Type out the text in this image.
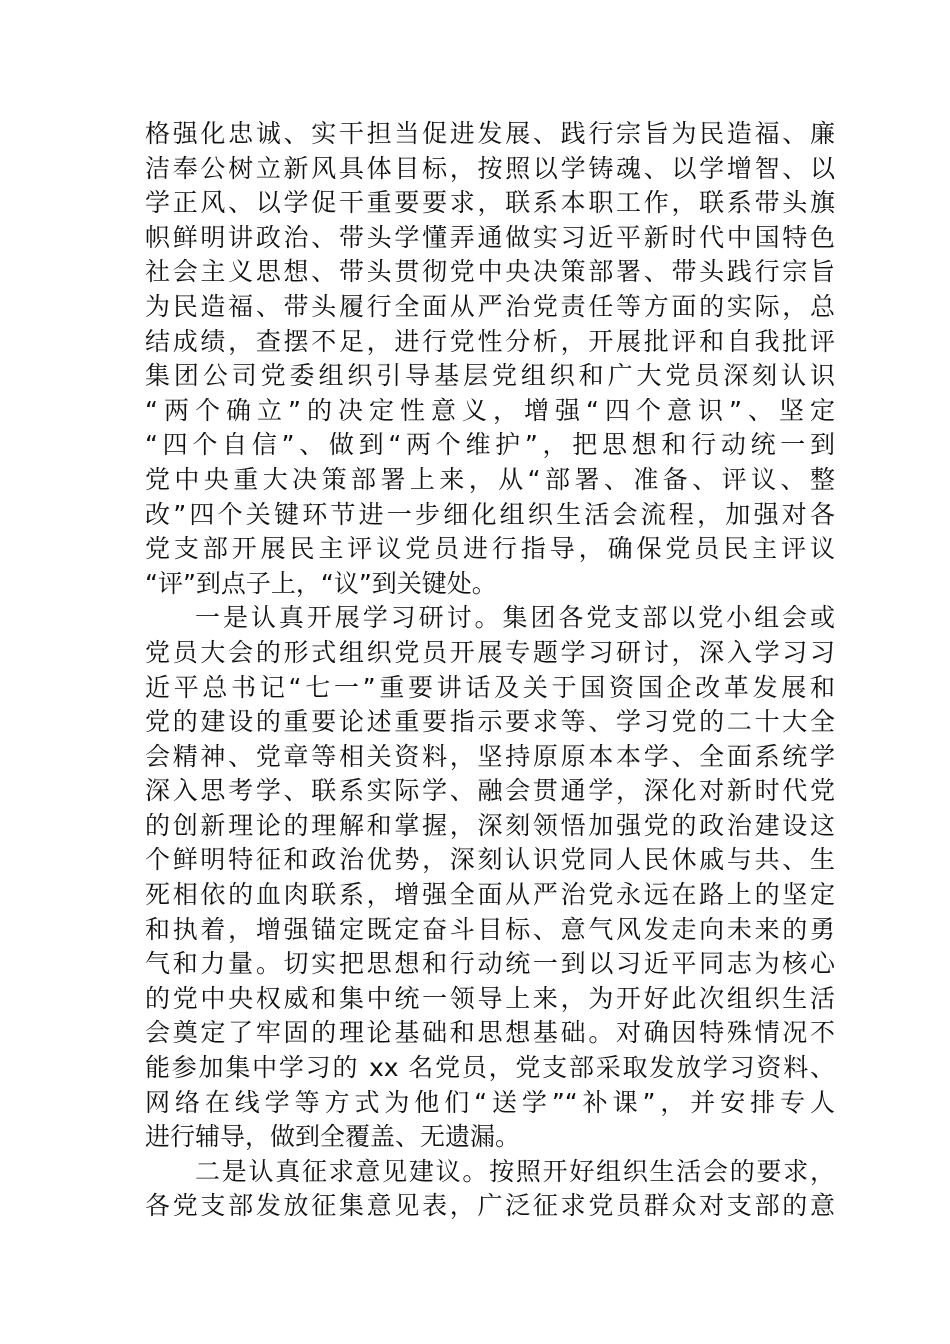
格强化忠诚、实干担当促进发展、践行宗旨为民造福、廉
洁奉公树立新风具体目标，按照以学铸魂、以学增智、以
学正风、以学促干重要要求，联系本职工作，联系带头旗
帜鲜明讲政治、带头学懂弄通做实习近平新时代中国特色
社会主义思想、带头贯彻党中央决策部署、带头践行宗旨
为民造福、带头履行全面从严治党责任等方面的实际，总
结成绩，查摆不足，进行党性分析，开展批评和自我批评
集团公司党委组织引导基层党组织和广大党员深刻认识
“两个确立”的决定性意义，增强“四个意识”、坚定
“四个自信”、做到“两个维护”，把思想和行动统一到
党中央重大决策部署上来，从“部署、准备、评议、整
改”四个关键环节进一步细化组织生活会流程，加强对各
党支部开展民主评议党员进行指导，确保党员民主评议
“评”到点子上，“议”到关键处。
一是认真开展学习研讨。集团各党支部以党小组会或
党员大会的形式组织党员开展专题学习研讨，深入学习习
近平总书记“七一”重要讲话及关于国资国企改革发展和
党的建设的重要论述重要指示要求等、学习党的二十大全
会精神、党章等相关资料，坚持原原本本学、全面系统学
深入思考学、联系实际学、融会贯通学，深化对新时代党
的创新理论的理解和掌握，深刻领悟加强党的政治建设这
个鲜明特征和政治优势，深刻认识党同人民休戚与共、生
死相依的血肉联系，增强全面从严治党永远在路上的坚定
和执着，增强锚定既定奋斗目标、意气风发走向未来的勇
气和力量。切实把思想和行动统一到以习近平同志为核心
的党中央权威和集中统一领导上来，为开好此次组织生活
会奠定了牢固的理论基础和思想基础。对确因特殊情况不
能参加集中学习的 xx 名党员，党支部采取发放学习资料、
网络在线学等方式为他们“送学”“补课”，并安排专人
进行辅导，做到全覆盖、无遗漏。
二是认真征求意见建议。按照开好组织生活会的要求，
各党支部发放征集意见表，广泛征求党员群众对支部的意
